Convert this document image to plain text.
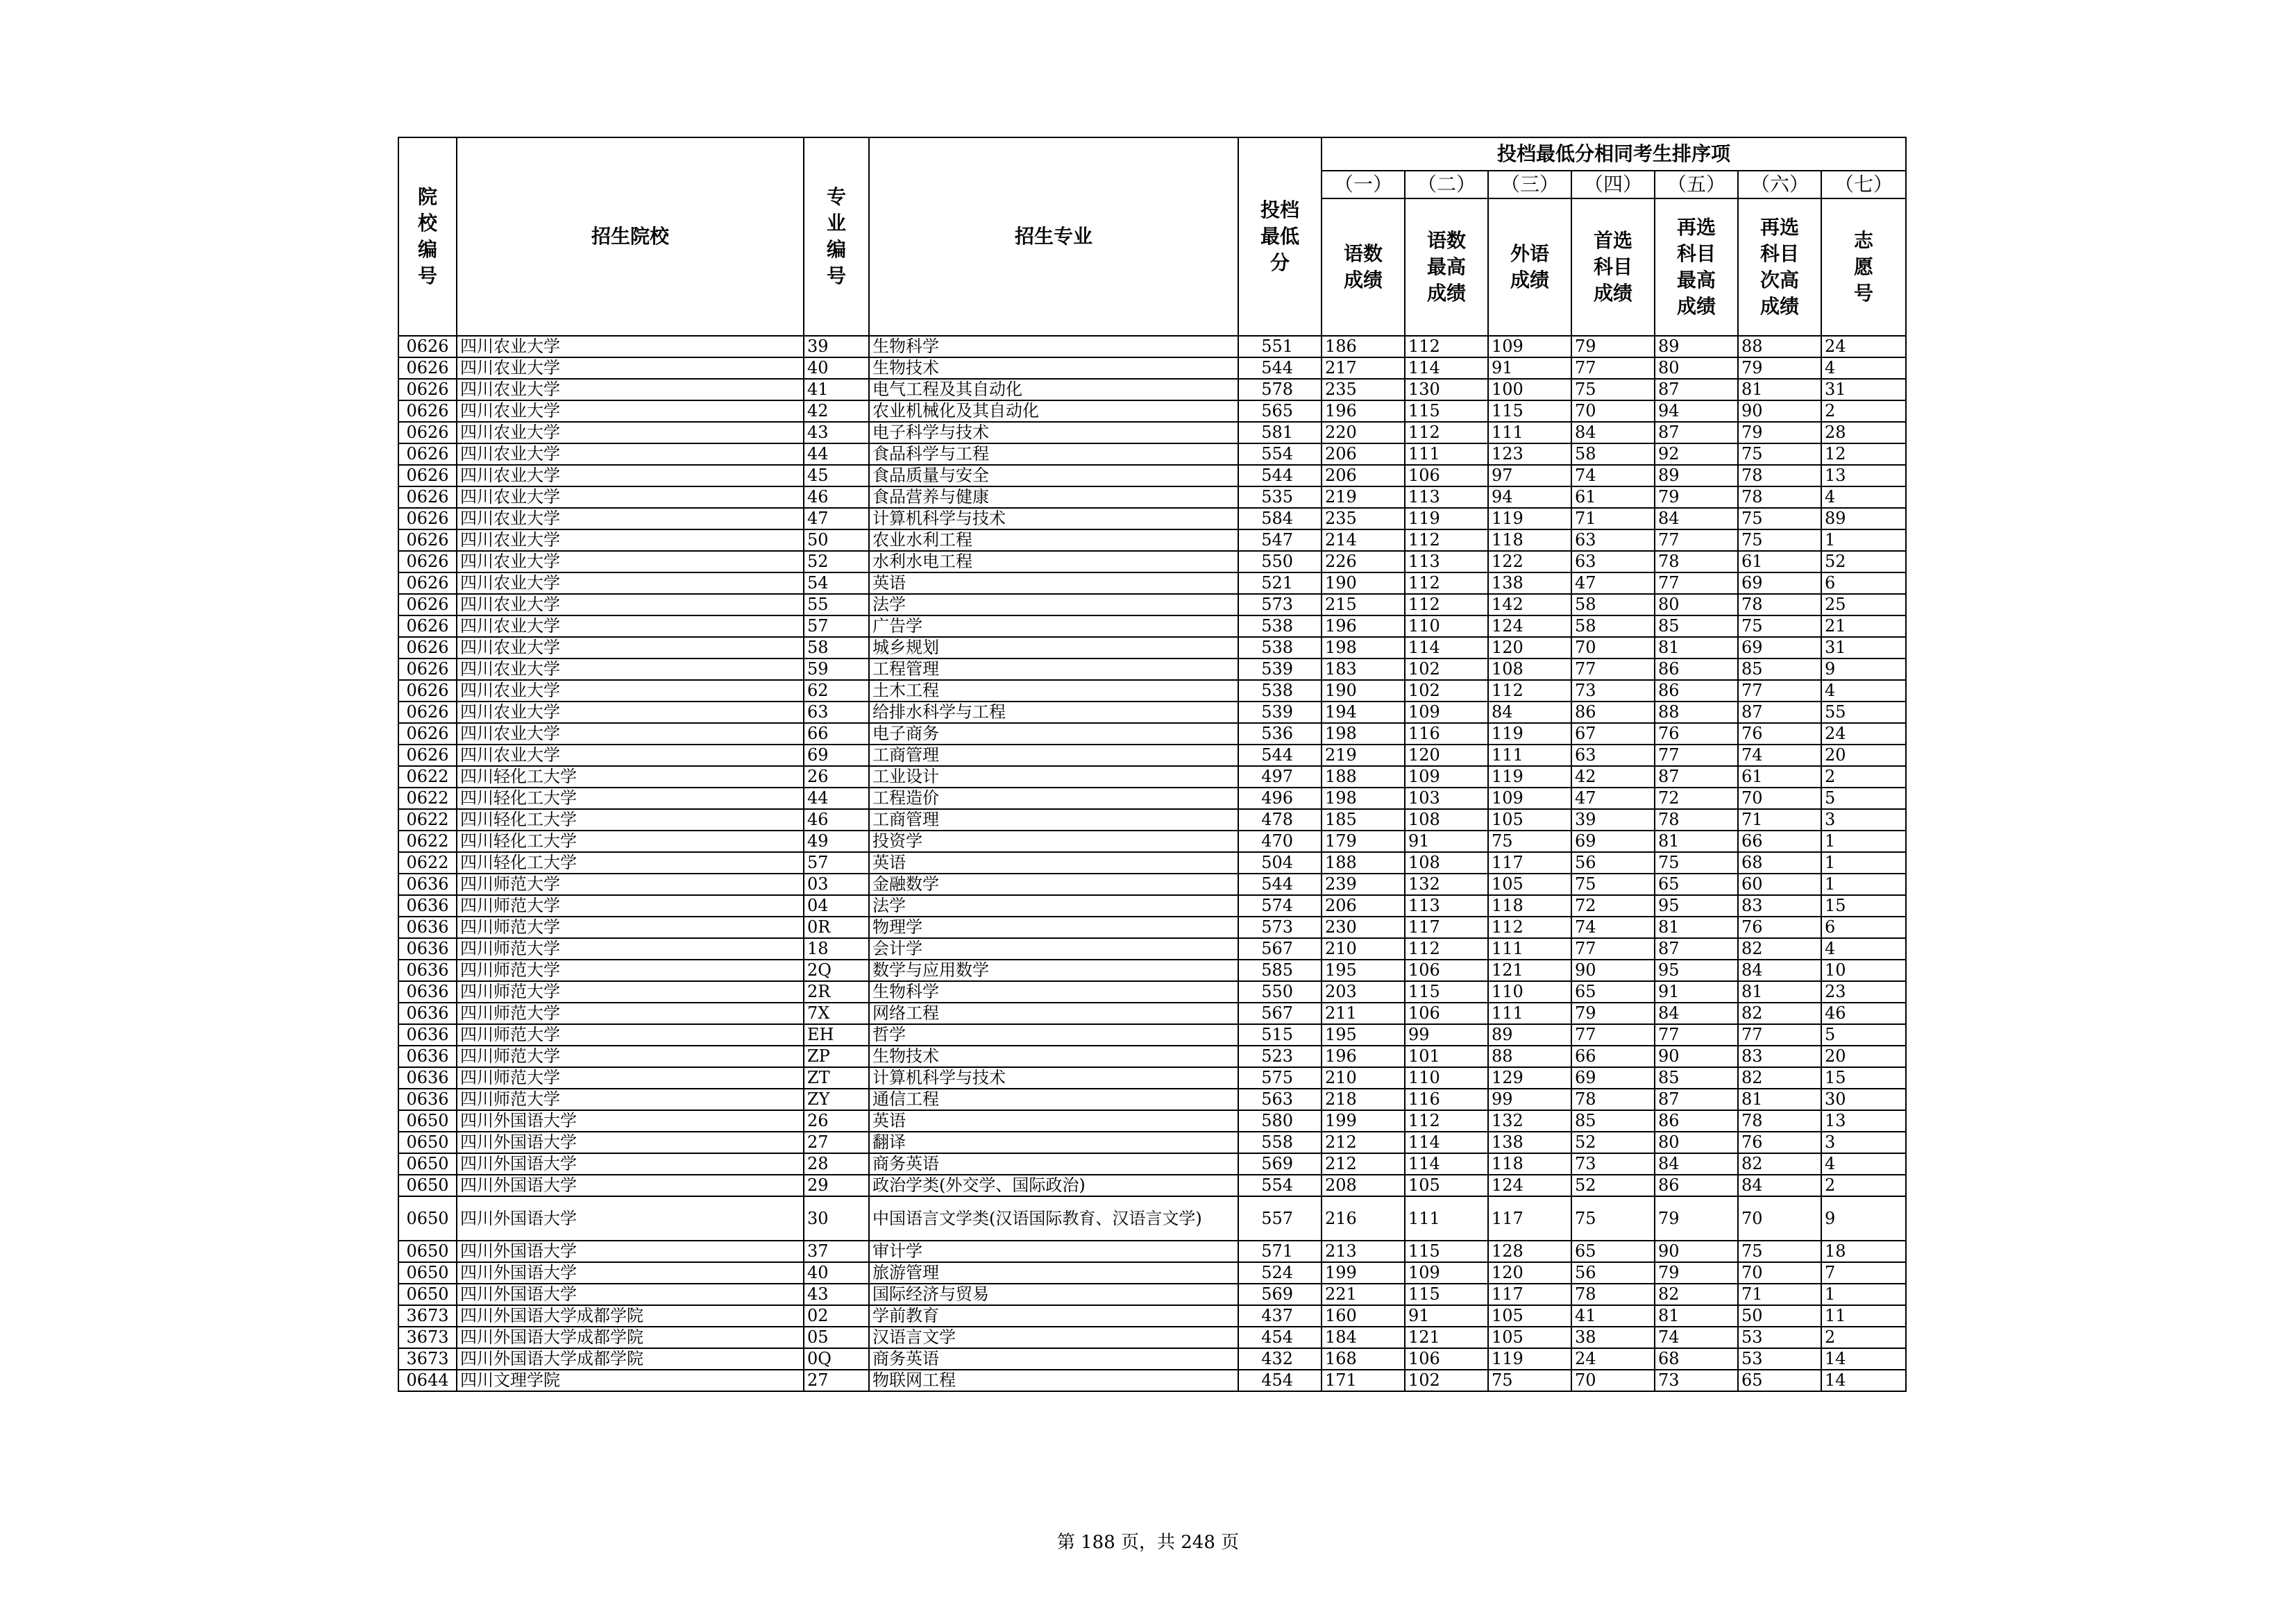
院校编号	招生院校	专业编号	招生专业	投档最低分	投档最低分相同考生排序项						
					（一）	（二）	（三）	（四）	（五）	（六）	（七）
					语数成绩	语数最高成绩	外语成绩	首选科目成绩	再选科目最高成绩	再选科目次高成绩	志愿号
0626	四川农业大学	39	生物科学	551	186	112	109	79	89	88	24
0626	四川农业大学	40	生物技术	544	217	114	91	77	80	79	4
0626	四川农业大学	41	电气工程及其自动化	578	235	130	100	75	87	81	31
0626	四川农业大学	42	农业机械化及其自动化	565	196	115	115	70	94	90	2
0626	四川农业大学	43	电子科学与技术	581	220	112	111	84	87	79	28
0626	四川农业大学	44	食品科学与工程	554	206	111	123	58	92	75	12
0626	四川农业大学	45	食品质量与安全	544	206	106	97	74	89	78	13
0626	四川农业大学	46	食品营养与健康	535	219	113	94	61	79	78	4
0626	四川农业大学	47	计算机科学与技术	584	235	119	119	71	84	75	89
0626	四川农业大学	50	农业水利工程	547	214	112	118	63	77	75	1
0626	四川农业大学	52	水利水电工程	550	226	113	122	63	78	61	52
0626	四川农业大学	54	英语	521	190	112	138	47	77	69	6
0626	四川农业大学	55	法学	573	215	112	142	58	80	78	25
0626	四川农业大学	57	广告学	538	196	110	124	58	85	75	21
0626	四川农业大学	58	城乡规划	538	198	114	120	70	81	69	31
0626	四川农业大学	59	工程管理	539	183	102	108	77	86	85	9
0626	四川农业大学	62	土木工程	538	190	102	112	73	86	77	4
0626	四川农业大学	63	给排水科学与工程	539	194	109	84	86	88	87	55
0626	四川农业大学	66	电子商务	536	198	116	119	67	76	76	24
0626	四川农业大学	69	工商管理	544	219	120	111	63	77	74	20
0622	四川轻化工大学	26	工业设计	497	188	109	119	42	87	61	2
0622	四川轻化工大学	44	工程造价	496	198	103	109	47	72	70	5
0622	四川轻化工大学	46	工商管理	478	185	108	105	39	78	71	3
0622	四川轻化工大学	49	投资学	470	179	91	75	69	81	66	1
0622	四川轻化工大学	57	英语	504	188	108	117	56	75	68	1
0636	四川师范大学	03	金融数学	544	239	132	105	75	65	60	1
0636	四川师范大学	04	法学	574	206	113	118	72	95	83	15
0636	四川师范大学	0R	物理学	573	230	117	112	74	81	76	6
0636	四川师范大学	18	会计学	567	210	112	111	77	87	82	4
0636	四川师范大学	2Q	数学与应用数学	585	195	106	121	90	95	84	10
0636	四川师范大学	2R	生物科学	550	203	115	110	65	91	81	23
0636	四川师范大学	7X	网络工程	567	211	106	111	79	84	82	46
0636	四川师范大学	EH	哲学	515	195	99	89	77	77	77	5
0636	四川师范大学	ZP	生物技术	523	196	101	88	66	90	83	20
0636	四川师范大学	ZT	计算机科学与技术	575	210	110	129	69	85	82	15
0636	四川师范大学	ZY	通信工程	563	218	116	99	78	87	81	30
0650	四川外国语大学	26	英语	580	199	112	132	85	86	78	13
0650	四川外国语大学	27	翻译	558	212	114	138	52	80	76	3
0650	四川外国语大学	28	商务英语	569	212	114	118	73	84	82	4
0650	四川外国语大学	29	政治学类(外交学、国际政治)	554	208	105	124	52	86	84	2
0650	四川外国语大学	30	中国语言文学类(汉语国际教育、汉语言文学)	557	216	111	117	75	79	70	9
0650	四川外国语大学	37	审计学	571	213	115	128	65	90	75	18
0650	四川外国语大学	40	旅游管理	524	199	109	120	56	79	70	7
0650	四川外国语大学	43	国际经济与贸易	569	221	115	117	78	82	71	1
3673	四川外国语大学成都学院	02	学前教育	437	160	91	105	41	81	50	11
3673	四川外国语大学成都学院	05	汉语言文学	454	184	121	105	38	74	53	2
3673	四川外国语大学成都学院	0Q	商务英语	432	168	106	119	24	68	53	14
0644	四川文理学院	27	物联网工程	454	171	102	75	70	73	65	14
第 188 页，共 248 页
